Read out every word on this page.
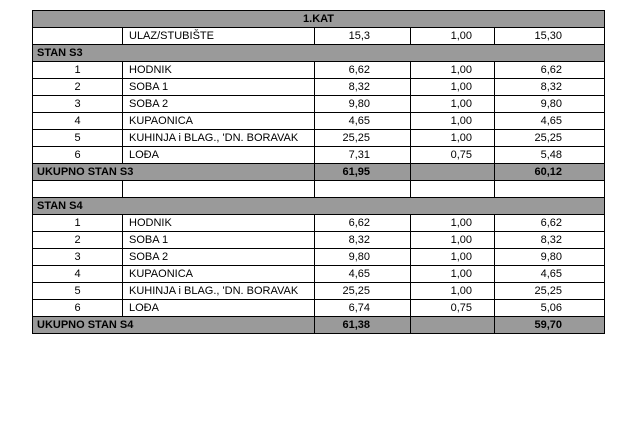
1.KAT				
	ULAZ/STUBIŠTE	15,3	1,00	15,30
STAN S3				
1	HODNIK	6,62	1,00	6,62
2	SOBA 1	8,32	1,00	8,32
3	SOBA 2	9,80	1,00	9,80
4	KUPAONICA	4,65	1,00	4,65
5	KUHINJA i BLAG., 'DN. BORAVAK	25,25	1,00	25,25
6	LOĐA	7,31	0,75	5,48
UKUPNO STAN S3		61,95		60,12

STAN S4				
1	HODNIK	6,62	1,00	6,62
2	SOBA 1	8,32	1,00	8,32
3	SOBA 2	9,80	1,00	9,80
4	KUPAONICA	4,65	1,00	4,65
5	KUHINJA i BLAG., 'DN. BORAVAK	25,25	1,00	25,25
6	LOĐA	6,74	0,75	5,06
UKUPNO STAN S4		61,38		59,70
